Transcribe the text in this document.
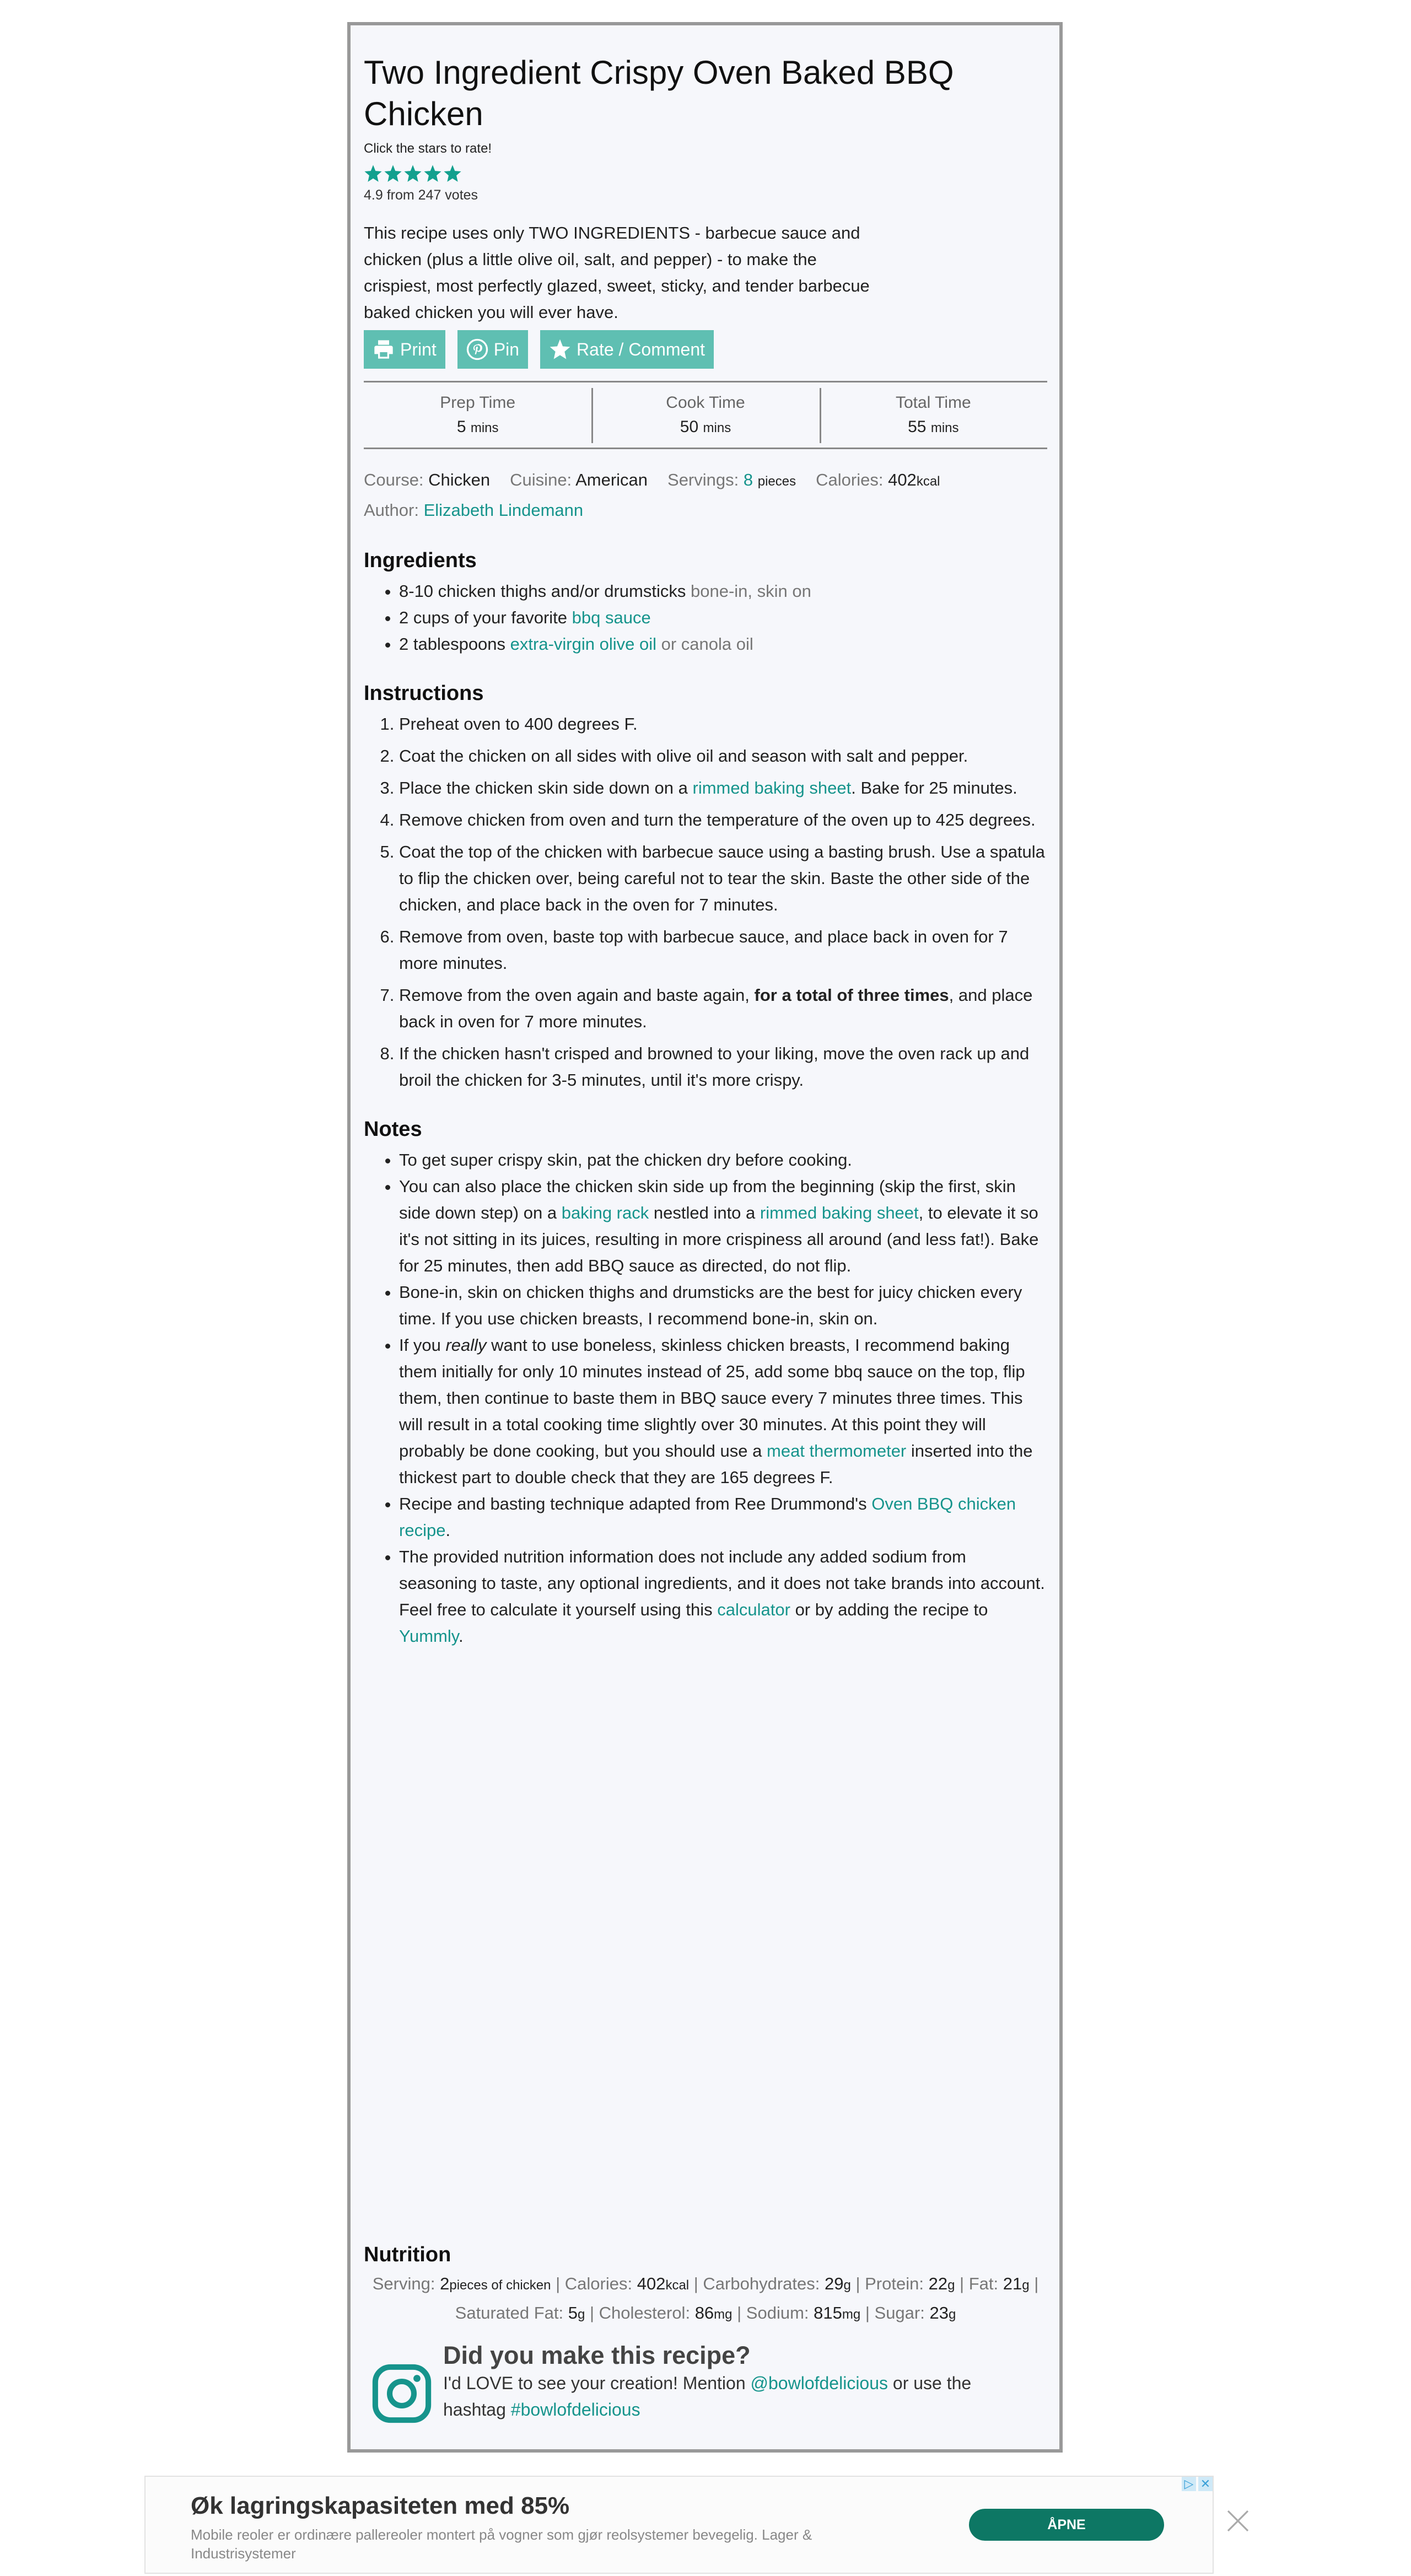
Two Ingredient Crispy Oven Baked BBQ Chicken
Click the stars to rate!
4.9 from 247 votes

This recipe uses only TWO INGREDIENTS - barbecue sauce and chicken (plus a little olive oil, salt, and pepper) - to make the crispiest, most perfectly glazed, sweet, sticky, and tender barbecue baked chicken you will ever have.

Print	Pin	Rate / Comment
Prep Time
5 mins
Cook Time
50 mins
Total Time
55 mins
Course: Chicken Cuisine: American Servings: 8 pieces Calories: 402kcal
Author: Elizabeth Lindemann
Ingredients
• 8-10 chicken thighs and/or drumsticks bone-in, skin on
• 2 cups of your favorite bbq sauce
• 2 tablespoons extra-virgin olive oil or canola oil
Instructions
1. Preheat oven to 400 degrees F.
2. Coat the chicken on all sides with olive oil and season with salt and pepper.
3. Place the chicken skin side down on a rimmed baking sheet. Bake for 25 minutes.
4. Remove chicken from oven and turn the temperature of the oven up to 425 degrees.
5. Coat the top of the chicken with barbecue sauce using a basting brush. Use a spatula to flip the chicken over, being careful not to tear the skin. Baste the other side of the chicken, and place back in the oven for 7 minutes.
6. Remove from oven, baste top with barbecue sauce, and place back in oven for 7 more minutes.
7. Remove from the oven again and baste again, for a total of three times, and place back in oven for 7 more minutes.
8. If the chicken hasn't crisped and browned to your liking, move the oven rack up and broil the chicken for 3-5 minutes, until it's more crispy.
Notes
• To get super crispy skin, pat the chicken dry before cooking.
• You can also place the chicken skin side up from the beginning (skip the first, skin side down step) on a baking rack nestled into a rimmed baking sheet, to elevate it so it's not sitting in its juices, resulting in more crispiness all around (and less fat!). Bake for 25 minutes, then add BBQ sauce as directed, do not flip.
• Bone-in, skin on chicken thighs and drumsticks are the best for juicy chicken every time. If you use chicken breasts, I recommend bone-in, skin on.
• If you really want to use boneless, skinless chicken breasts, I recommend baking them initially for only 10 minutes instead of 25, add some bbq sauce on the top, flip them, then continue to baste them in BBQ sauce every 7 minutes three times. This will result in a total cooking time slightly over 30 minutes. At this point they will probably be done cooking, but you should use a meat thermometer inserted into the thickest part to double check that they are 165 degrees F.
• Recipe and basting technique adapted from Ree Drummond's Oven BBQ chicken recipe.
• The provided nutrition information does not include any added sodium from seasoning to taste, any optional ingredients, and it does not take brands into account. Feel free to calculate it yourself using this calculator or by adding the recipe to Yummly.
Nutrition
Serving: 2pieces of chicken | Calories: 402kcal | Carbohydrates: 29g | Protein: 22g | Fat: 21g | Saturated Fat: 5g | Cholesterol: 86mg | Sodium: 815mg | Sugar: 23g
Did you make this recipe?
I'd LOVE to see your creation! Mention @bowlofdelicious or use the hashtag #bowlofdelicious
Øk lagringskapasiteten med 85%
Mobile reoler er ordinære pallereoler montert på vogner som gjør reolsystemer bevegelig. Lager & Industrisystemer
ÅPNE
▷ ✕
